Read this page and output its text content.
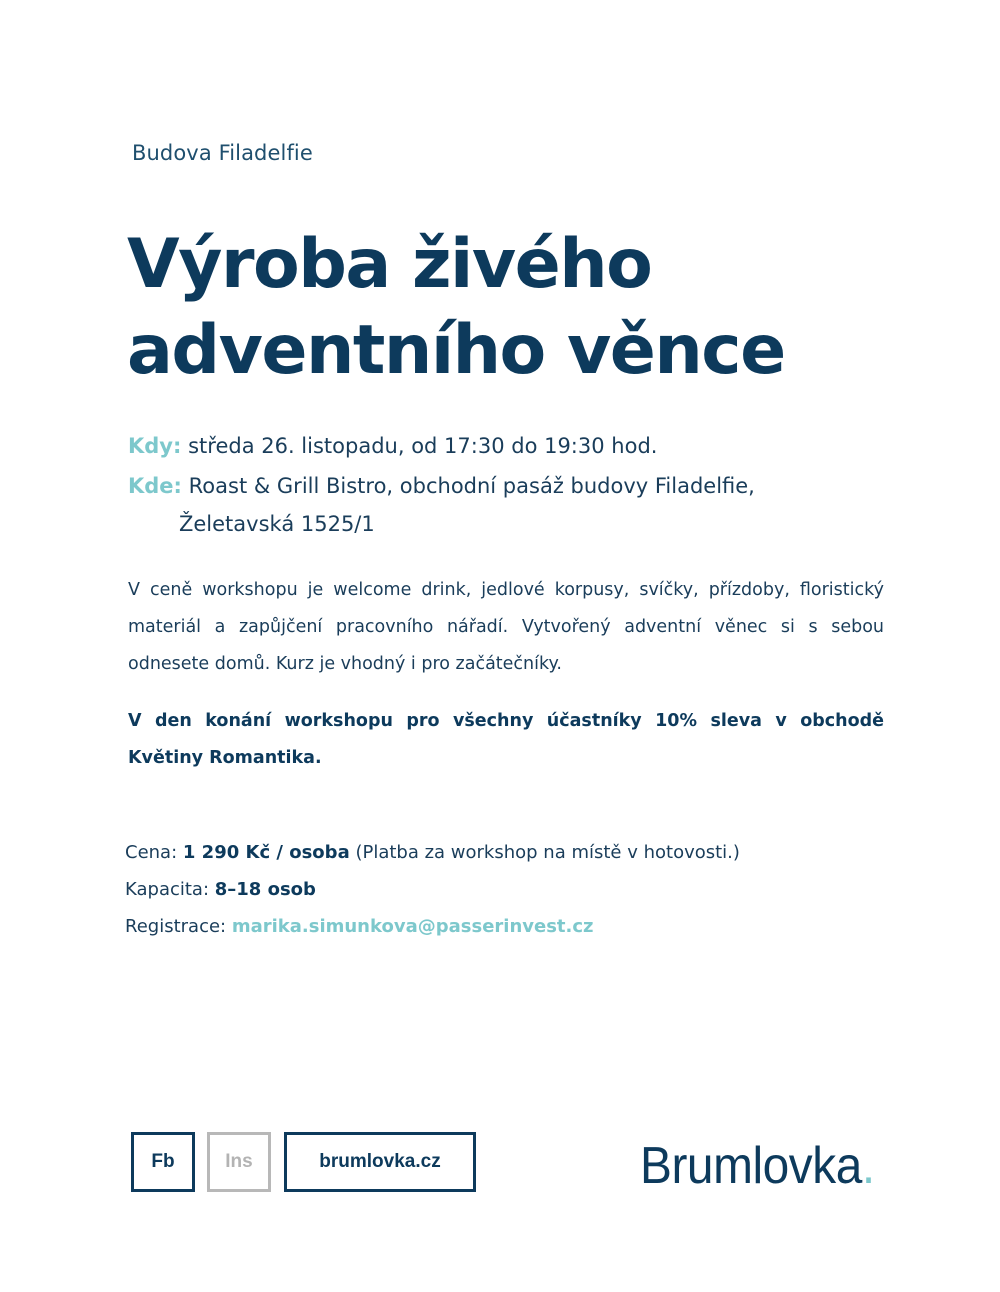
Budova Filadelfie
Výroba živého
adventního věnce
Kdy: středa 26. listopadu, od 17:30 do 19:30 hod.
Kde: Roast & Grill Bistro, obchodní pasáž budovy Filadelfie,
Želetavská 1525/1

V ceně workshopu je welcome drink, jedlové korpusy, svíčky, přízdoby, floristický materiál a zapůjčení pracovního nářadí. Vytvořený adventní věnec si s sebou odnesete domů. Kurz je vhodný i pro začátečníky.

V den konání workshopu pro všechny účastníky 10% sleva v obchodě Květiny Romantika.

Cena: 1 290 Kč / osoba (Platba za workshop na místě v hotovosti.)
Kapacita: 8–18 osob
Registrace: marika.simunkova@passerinvest.cz
Fb	Ins	brumlovka.cz	Brumlovka.
